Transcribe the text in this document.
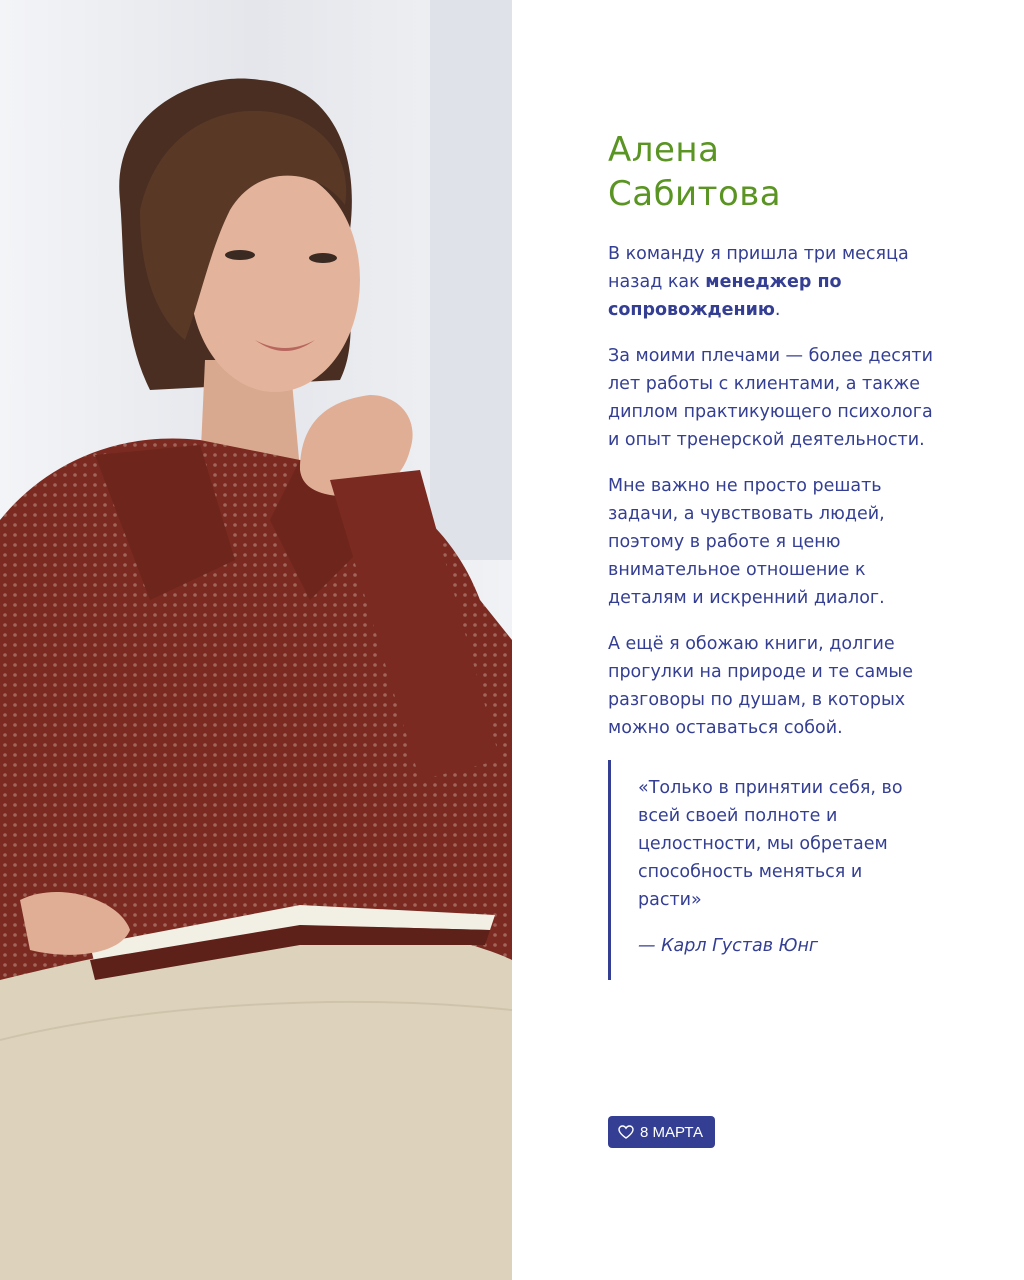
Алена
Сабитова

В команду я пришла три месяца назад как менеджер по сопровождению.

За моими плечами — более десяти лет работы с клиентами, а также диплом практикующего психолога и опыт тренерской деятельности.

Мне важно не просто решать задачи, а чувствовать людей, поэтому в работе я ценю внимательное отношение к деталям и искренний диалог.

А ещё я обожаю книги, долгие прогулки на природе и те самые разговоры по душам, в которых можно оставаться собой.

«Только в принятии себя, во всей своей полноте и целостности, мы обретаем способность меняться и расти»

— Карл Густав Юнг

8 МАРТА
